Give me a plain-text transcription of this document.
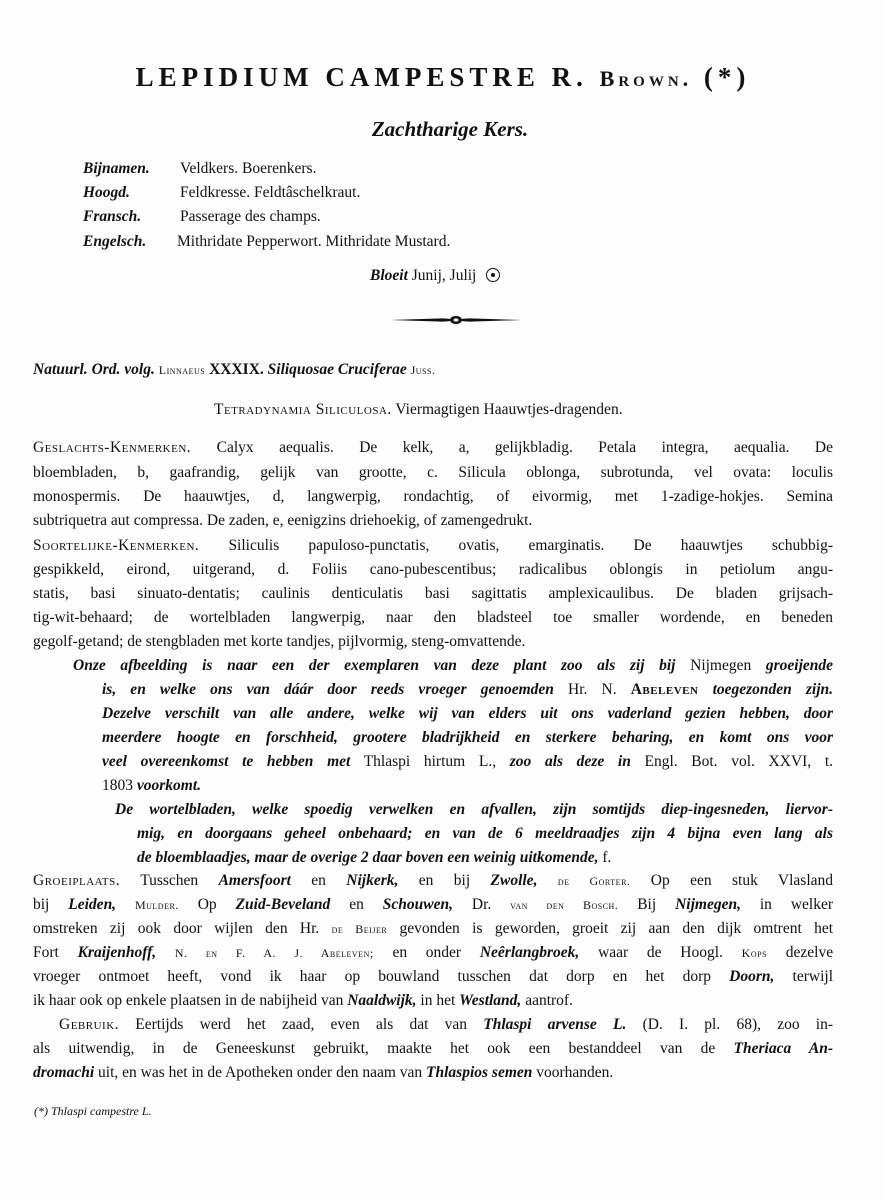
LEPIDIUM CAMPESTRE R. Brown. (*)
Zachtharige Kers.
Bijnamen. Veldkers. Boerenkers.
Hoogd.	Feldkresse. Feldtâschelkraut.
Fransch.	Passerage des champs.
Engelsch. Mithridate Pepperwort. Mithridate Mustard.
Bloeit Junij, Julij
Natuurl. Ord. volg. Linnaeus XXXIX. Siliquosae Cruciferae Juss.
Tetradynamia Siliculosa. Viermagtigen Haauwtjes-dragenden.
Geslachts-Kenmerken. Calyx aequalis. De kelk, a, gelijkbladig. Petala integra, aequalia. De
bloembladen, b, gaafrandig, gelijk van grootte, c. Silicula oblonga, subrotunda, vel ovata: loculis
monospermis. De haauwtjes, d, langwerpig, rondachtig, of eivormig, met 1-zadige-hokjes. Semina
subtriquetra aut compressa. De zaden, e, eenigzins driehoekig, of zamengedrukt.
Soortelijke-Kenmerken. Siliculis papuloso-punctatis, ovatis, emarginatis. De haauwtjes schubbig-
gespikkeld, eirond, uitgerand, d. Foliis cano-pubescentibus; radicalibus oblongis in petiolum angu-
statis, basi sinuato-dentatis; caulinis denticulatis basi sagittatis amplexicaulibus. De bladen grijsach-
tig-wit-behaard; de wortelbladen langwerpig, naar den bladsteel toe smaller wordende, en beneden
gegolf-getand; de stengbladen met korte tandjes, pijlvormig, steng-omvattende.
Onze afbeelding is naar een der exemplaren van deze plant zoo als zij bij Nijmegen groeijende
is, en welke ons van dáár door reeds vroeger genoemden Hr. N. Abeleven toegezonden zijn.
Dezelve verschilt van alle andere, welke wij van elders uit ons vaderland gezien hebben, door
meerdere hoogte en forschheid, grootere bladrijkheid en sterkere beharing, en komt ons voor
veel overeenkomst te hebben met Thlaspi hirtum L., zoo als deze in Engl. Bot. vol. XXVI, t.
1803 voorkomt.
De wortelbladen, welke spoedig verwelken en afvallen, zijn somtijds diep-ingesneden, liervor-
mig, en doorgaans geheel onbehaard; en van de 6 meeldraadjes zijn 4 bijna even lang als
de bloemblaadjes, maar de overige 2 daar boven een weinig uitkomende, f.
Groeiplaats. Tusschen Amersfoort en Nijkerk, en bij Zwolle, de Gorter. Op een stuk Vlasland
bij Leiden, Mulder. Op Zuid-Beveland en Schouwen, Dr. van den Bosch. Bij Nijmegen, in welker
omstreken zij ook door wijlen den Hr. de Beijer gevonden is geworden, groeit zij aan den dijk omtrent het
Fort Kraijenhoff, N. en F. A. J. Abeleven; en onder Neêrlangbroek, waar de Hoogl. Kops dezelve
vroeger ontmoet heeft, vond ik haar op bouwland tusschen dat dorp en het dorp Doorn, terwijl
ik haar ook op enkele plaatsen in de nabijheid van Naaldwijk, in het Westland, aantrof.
Gebruik. Eertijds werd het zaad, even als dat van Thlaspi arvense L. (D. I. pl. 68), zoo in-
als uitwendig, in de Geneeskunst gebruikt, maakte het ook een bestanddeel van de Theriaca An-
dromachi uit, en was het in de Apotheken onder den naam van Thlaspios semen voorhanden.
(*) Thlaspi campestre L.
